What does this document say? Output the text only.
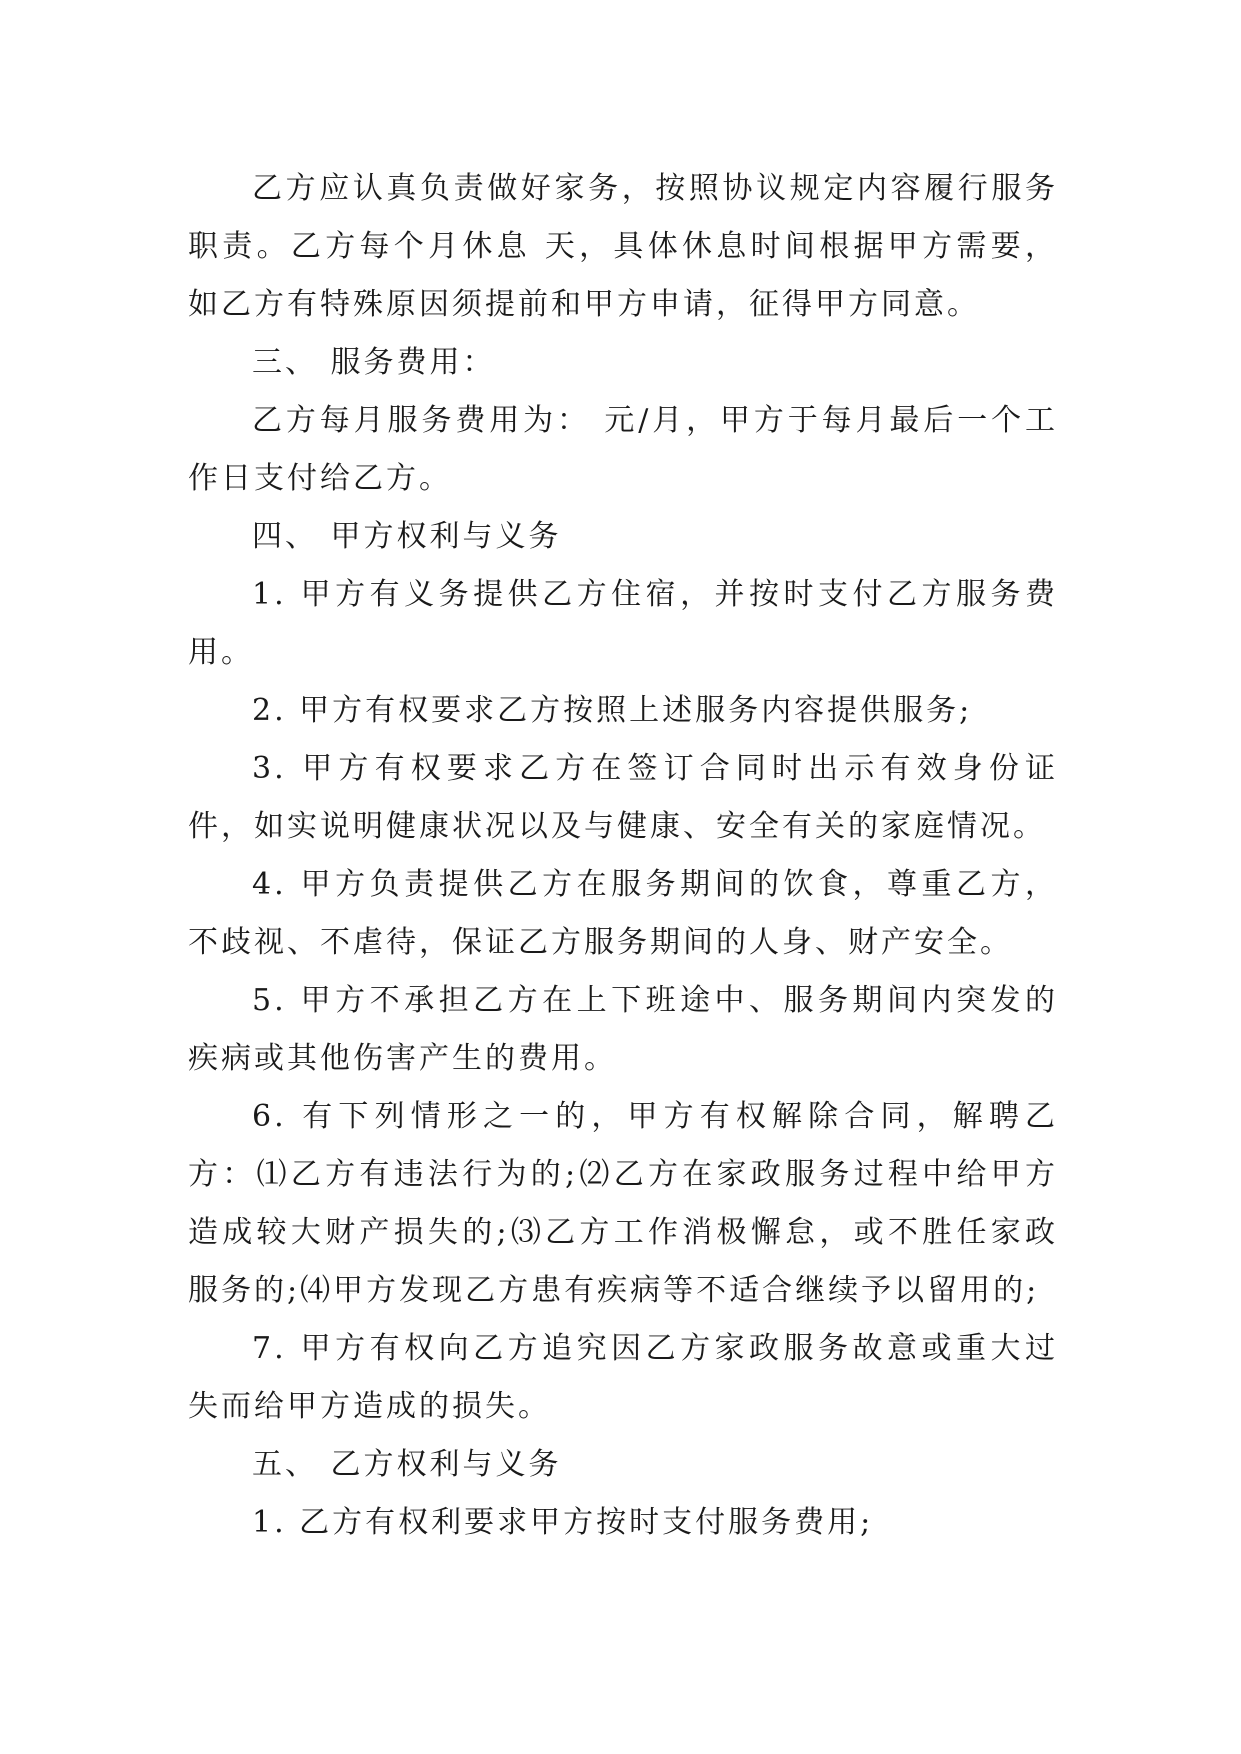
乙方应认真负责做好家务，按照协议规定内容履行服务职责。乙方每个月休息 天，具体休息时间根据甲方需要，如乙方有特殊原因须提前和甲方申请，征得甲方同意。

三、 服务费用：

乙方每月服务费用为： 元/月，甲方于每月最后一个工作日支付给乙方。

四、 甲方权利与义务

1. 甲方有义务提供乙方住宿，并按时支付乙方服务费用。

2. 甲方有权要求乙方按照上述服务内容提供服务;

3. 甲方有权要求乙方在签订合同时出示有效身份证件，如实说明健康状况以及与健康、安全有关的家庭情况。

4. 甲方负责提供乙方在服务期间的饮食，尊重乙方，不歧视、不虐待，保证乙方服务期间的人身、财产安全。

5. 甲方不承担乙方在上下班途中、服务期间内突发的疾病或其他伤害产生的费用。

6. 有下列情形之一的，甲方有权解除合同，解聘乙方：⑴乙方有违法行为的;⑵乙方在家政服务过程中给甲方造成较大财产损失的;⑶乙方工作消极懈怠，或不胜任家政服务的;⑷甲方发现乙方患有疾病等不适合继续予以留用的;

7. 甲方有权向乙方追究因乙方家政服务故意或重大过失而给甲方造成的损失。

五、 乙方权利与义务

1. 乙方有权利要求甲方按时支付服务费用;
